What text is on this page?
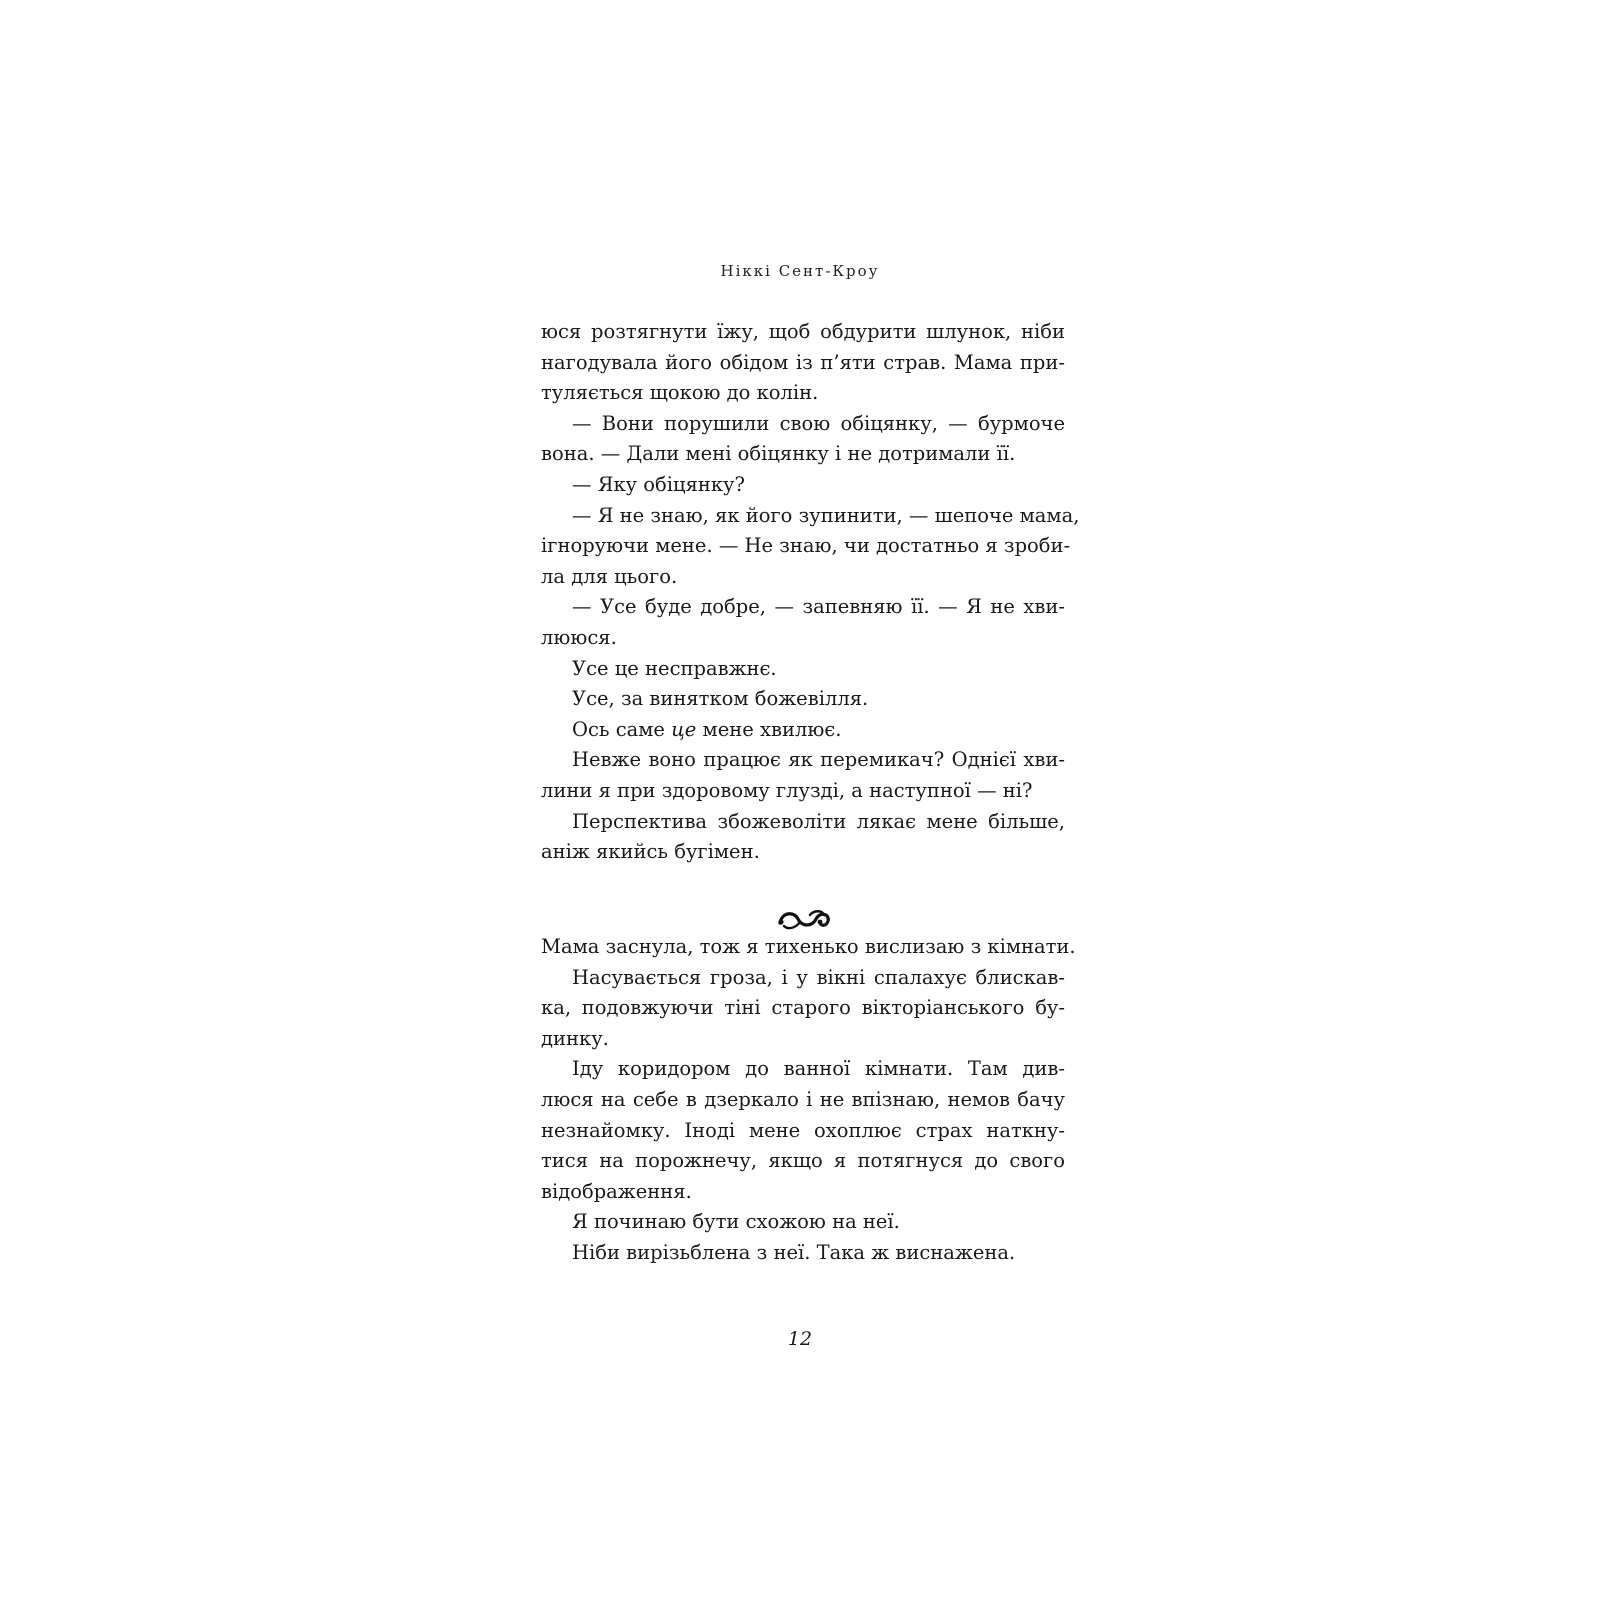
Ніккі Сент-Кроу
юся розтягнути їжу, щоб обдурити шлунок, ніби
нагодувала його обідом із п’яти страв. Мама при-
туляється щокою до колін.
— Вони порушили свою обіцянку, — бурмоче
вона. — Дали мені обіцянку і не дотримали її.
— Яку обіцянку?
— Я не знаю, як його зупинити, — шепоче мама,
ігноруючи мене. — Не знаю, чи достатньо я зроби-
ла для цього.
— Усе буде добре, — запевняю її. — Я не хви-
лююся.
Усе це несправжнє.
Усе, за винятком божевілля.
Ось саме це мене хвилює.
Невже воно працює як перемикач? Однієї хви-
лини я при здоровому глузді, а наступної — ні?
Перспектива збожеволіти лякає мене більше,
аніж якийсь бугімен.
Мама заснула, тож я тихенько вислизаю з кімнати.
Насувається гроза, і у вікні спалахує блискав-
ка, подовжуючи тіні старого вікторіанського бу-
динку.
Іду коридором до ванної кімнати. Там див-
люся на себе в дзеркало і не впізнаю, немов бачу
незнайомку. Іноді мене охоплює страх наткну-
тися на порожнечу, якщо я потягнуся до свого
відображення.
Я починаю бути схожою на неї.
Ніби вирізьблена з неї. Така ж виснажена.
12
